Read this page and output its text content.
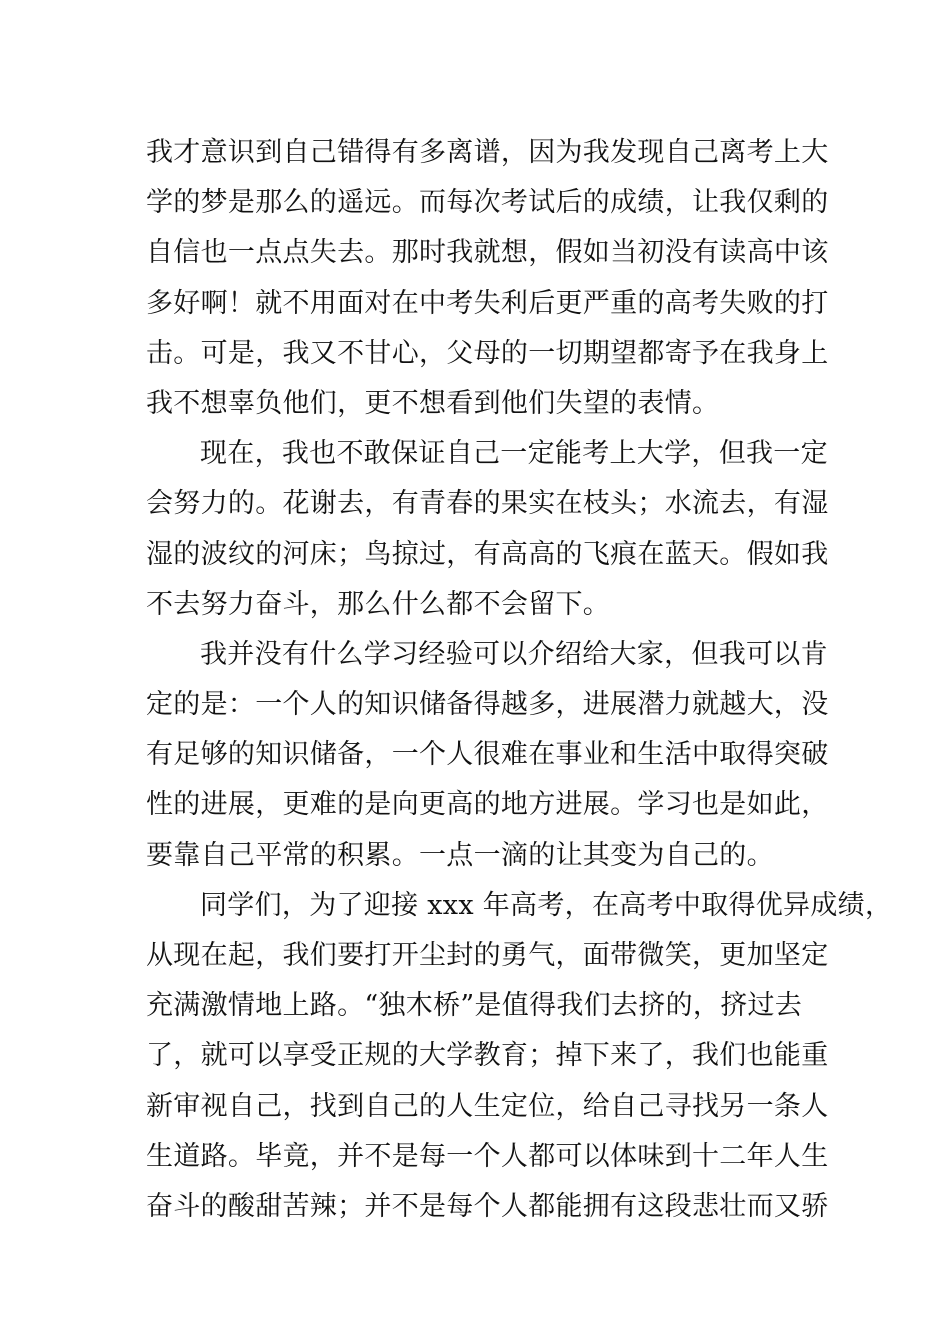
我才意识到自己错得有多离谱，因为我发现自己离考上大
学的梦是那么的遥远。而每次考试后的成绩，让我仅剩的
自信也一点点失去。那时我就想，假如当初没有读高中该
多好啊！就不用面对在中考失利后更严重的高考失败的打
击。可是，我又不甘心，父母的一切期望都寄予在我身上
我不想辜负他们，更不想看到他们失望的表情。
现在，我也不敢保证自己一定能考上大学，但我一定
会努力的。花谢去，有青春的果实在枝头；水流去，有湿
湿的波纹的河床；鸟掠过，有高高的飞痕在蓝天。假如我
不去努力奋斗，那么什么都不会留下。
我并没有什么学习经验可以介绍给大家，但我可以肯
定的是：一个人的知识储备得越多，进展潜力就越大，没
有足够的知识储备，一个人很难在事业和生活中取得突破
性的进展，更难的是向更高的地方进展。学习也是如此，
要靠自己平常的积累。一点一滴的让其变为自己的。
同学们，为了迎接 xxx 年高考，在高考中取得优异成绩，
从现在起，我们要打开尘封的勇气，面带微笑，更加坚定
充满激情地上路。“独木桥”是值得我们去挤的，挤过去
了，就可以享受正规的大学教育；掉下来了，我们也能重
新审视自己，找到自己的人生定位，给自己寻找另一条人
生道路。毕竟，并不是每一个人都可以体味到十二年人生
奋斗的酸甜苦辣；并不是每个人都能拥有这段悲壮而又骄
